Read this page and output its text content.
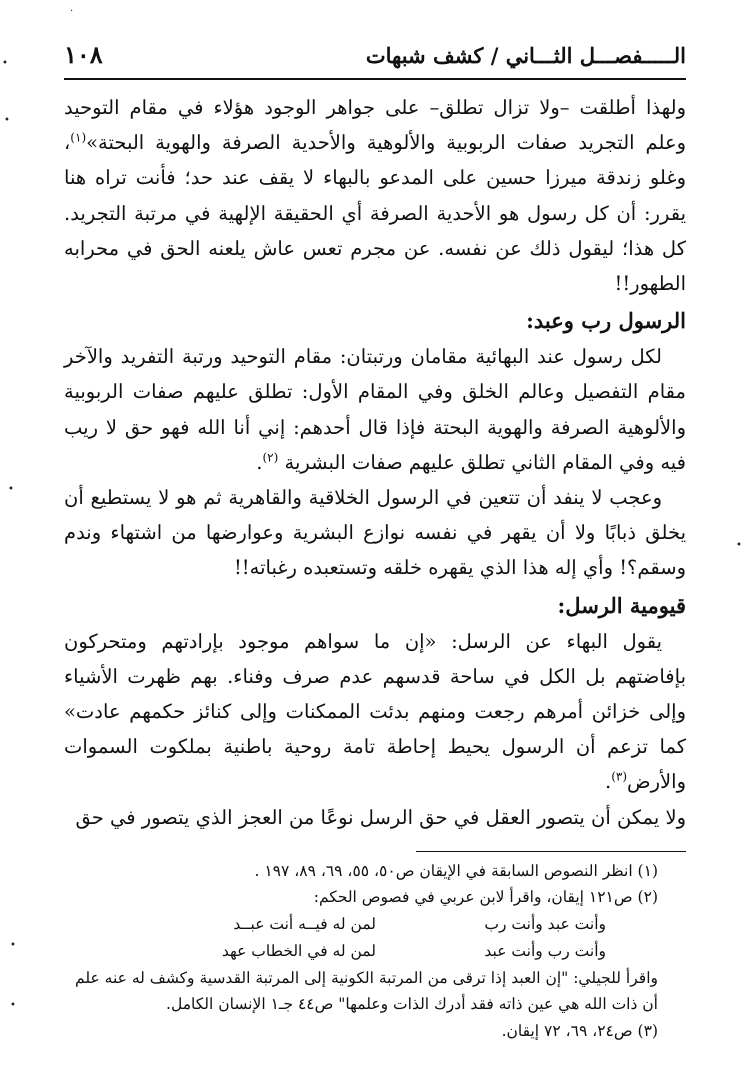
·
•
•
•
•
•
•
الـــــفصـــل الثـــاني / كشف شبهات
١٠٨

ولهذا أطلقت –ولا تزال تطلق– على جواهر الوجود هؤلاء في مقام التوحيد وعلم التجريد صفات الربوبية والألوهية والأحدية الصرفة والهوية البحتة»$^{(١)}$، وغلو زندقة ميرزا حسين على المدعو بالبهاء لا يقف عند حد؛ فأنت تراه هنا يقرر: أن كل رسول هو الأحدية الصرفة أي الحقيقة الإلهية في مرتبة التجريد. كل هذا؛ ليقول ذلك عن نفسه. عن مجرم تعس عاش يلعنه الحق في محرابه الطهور!!

الرسول رب وعبد:

لكل رسول عند البهائية مقامان ورتبتان: مقام التوحيد ورتبة التفريد والآخر مقام التفصيل وعالم الخلق وفي المقام الأول: تطلق عليهم صفات الربوبية والألوهية الصرفة والهوية البحتة فإذا قال أحدهم: إني أنا الله فهو حق لا ريب فيه وفي المقام الثاني تطلق عليهم صفات البشرية $^{(٢)}$.

وعجب لا ينفد أن تتعين في الرسول الخلاقية والقاهرية ثم هو لا يستطيع أن يخلق ذبابًا ولا أن يقهر في نفسه نوازع البشرية وعوارضها من اشتهاء وندم وسقم؟! وأي إله هذا الذي يقهره خلقه وتستعبده رغباته!!

قيومية الرسل:

يقول البهاء عن الرسل: «إن ما سواهم موجود بإرادتهم ومتحركون بإفاضتهم بل الكل في ساحة قدسهم عدم صرف وفناء. بهم ظهرت الأشياء وإلى خزائن أمرهم رجعت ومنهم بدئت الممكنات وإلى كنائز حكمهم عادت» كما تزعم أن الرسول يحيط إحاطة تامة روحية باطنية بملكوت السموات والأرض$^{(٣)}$.

ولا يمكن أن يتصور العقل في حق الرسل نوعًا من العجز الذي يتصور في حق

(١) انظر النصوص السابقة في الإيقان ص٥٠، ٥٥، ٦٩، ٨٩، ١٩٧ .

(٢) ص١٢١ إيقان، واقرأ لابن عربي في فصوص الحكم:

وأنت عبد وأنت رب
لمن له فيــه أنت عبــد
وأنت رب وأنت عبد
لمن له في الخطاب عهد

واقرأ للجيلي: "إن العبد إذا ترقى من المرتبة الكونية إلى المرتبة القدسية وكشف له عنه علم أن ذات الله هي عين ذاته فقد أدرك الذات وعلمها" ص٤٤ جـ١ الإنسان الكامل.

(٣) ص٢٤، ٦٩، ٧٢ إيقان.
